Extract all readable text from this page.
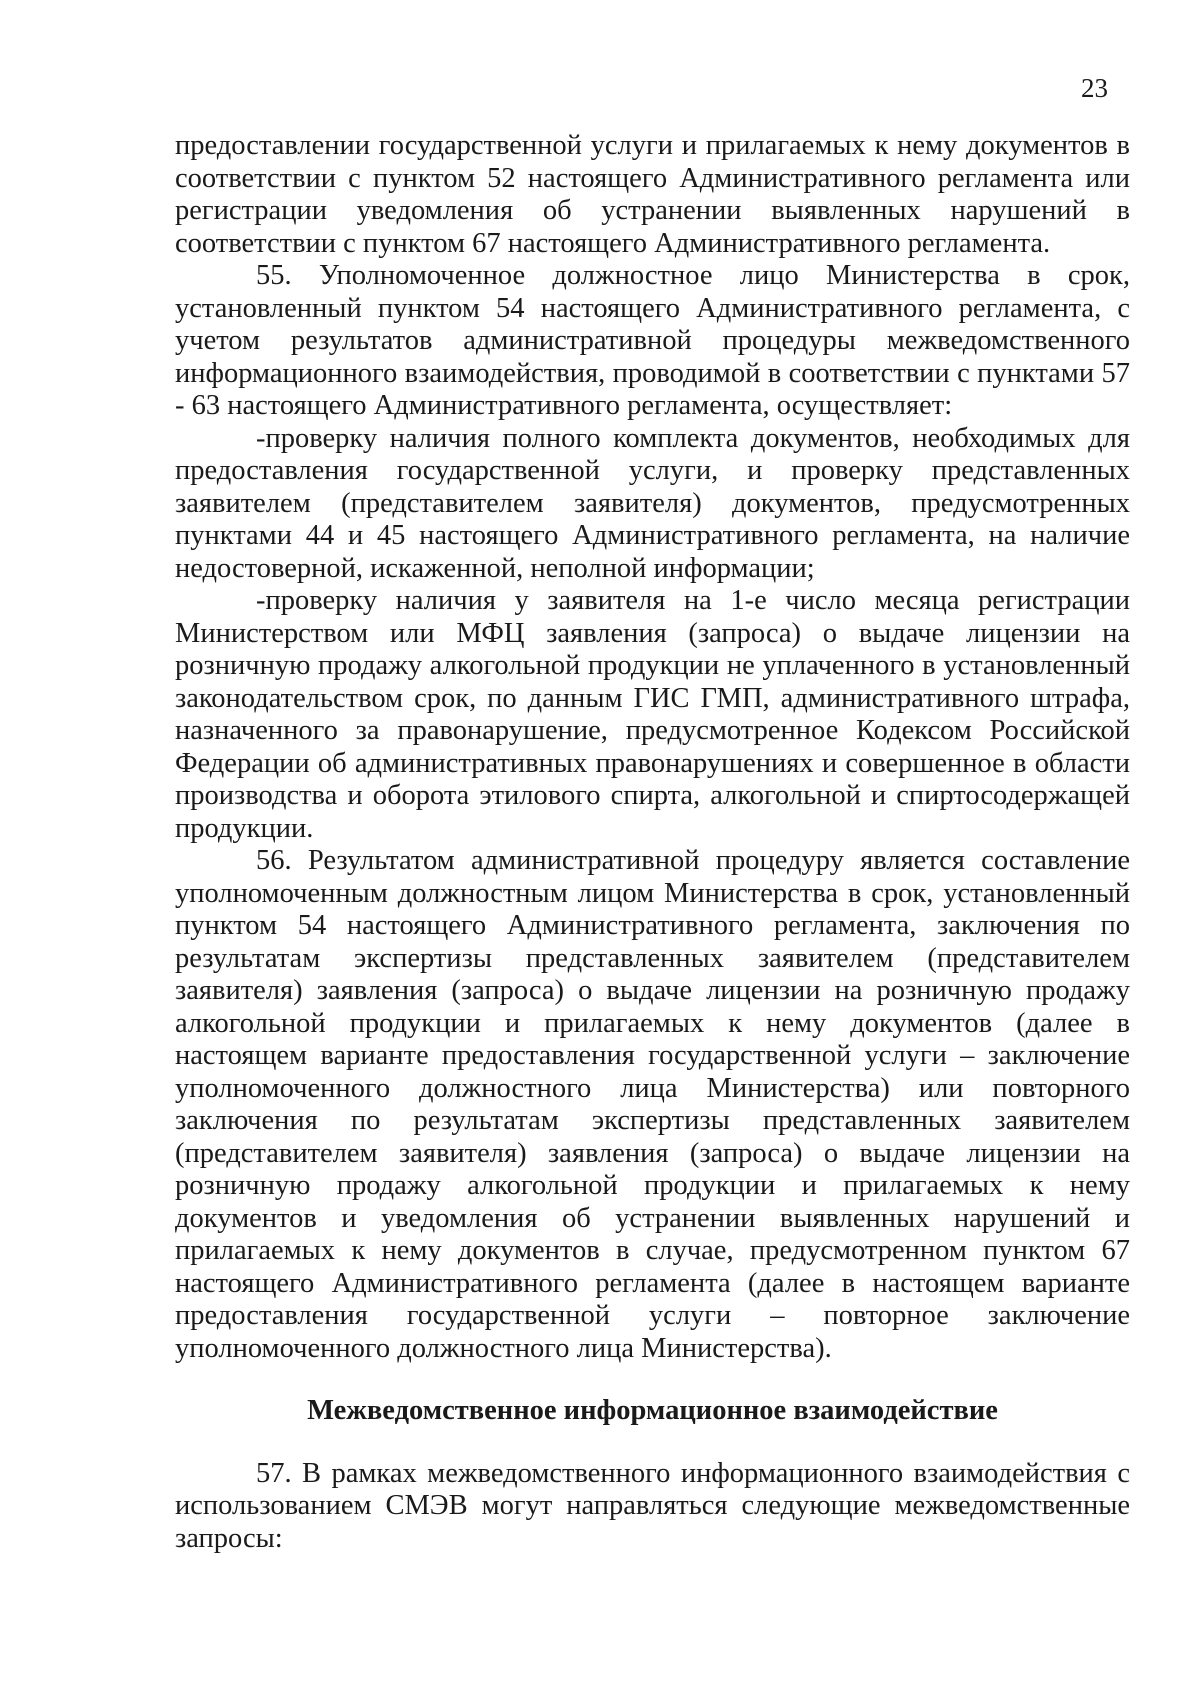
23

предоставлении государственной услуги и прилагаемых к нему документов в соответствии с пунктом 52 настоящего Административного регламента или регистрации уведомления об устранении выявленных нарушений в соответствии с пунктом 67 настоящего Административного регламента.

55. Уполномоченное должностное лицо Министерства в срок, установленный пунктом 54 настоящего Административного регламента, с учетом результатов административной процедуры межведомственного информационного взаимодействия, проводимой в соответствии с пунктами 57 - 63 настоящего Административного регламента, осуществляет:

-проверку наличия полного комплекта документов, необходимых для предоставления государственной услуги, и проверку представленных заявителем (представителем заявителя) документов, предусмотренных пунктами 44 и 45 настоящего Административного регламента, на наличие недостоверной, искаженной, неполной информации;

-проверку наличия у заявителя на 1-е число месяца регистрации Министерством или МФЦ заявления (запроса) о выдаче лицензии на розничную продажу алкогольной продукции не уплаченного в установленный законодательством срок, по данным ГИС ГМП, административного штрафа, назначенного за правонарушение, предусмотренное Кодексом Российской Федерации об административных правонарушениях и совершенное в области производства и оборота этилового спирта, алкогольной и спиртосодержащей продукции.

56. Результатом административной процедуру является составление уполномоченным должностным лицом Министерства в срок, установленный пунктом 54 настоящего Административного регламента, заключения по результатам экспертизы представленных заявителем (представителем заявителя) заявления (запроса) о выдаче лицензии на розничную продажу алкогольной продукции и прилагаемых к нему документов (далее в настоящем варианте предоставления государственной услуги – заключение уполномоченного должностного лица Министерства) или повторного заключения по результатам экспертизы представленных заявителем (представителем заявителя) заявления (запроса) о выдаче лицензии на розничную продажу алкогольной продукции и прилагаемых к нему документов и уведомления об устранении выявленных нарушений и прилагаемых к нему документов в случае, предусмотренном пунктом 67 настоящего Административного регламента (далее в настоящем варианте предоставления государственной услуги – повторное заключение уполномоченного должностного лица Министерства).

Межведомственное информационное взаимодействие

57. В рамках межведомственного информационного взаимодействия с использованием СМЭВ могут направляться следующие межведомственные запросы:
